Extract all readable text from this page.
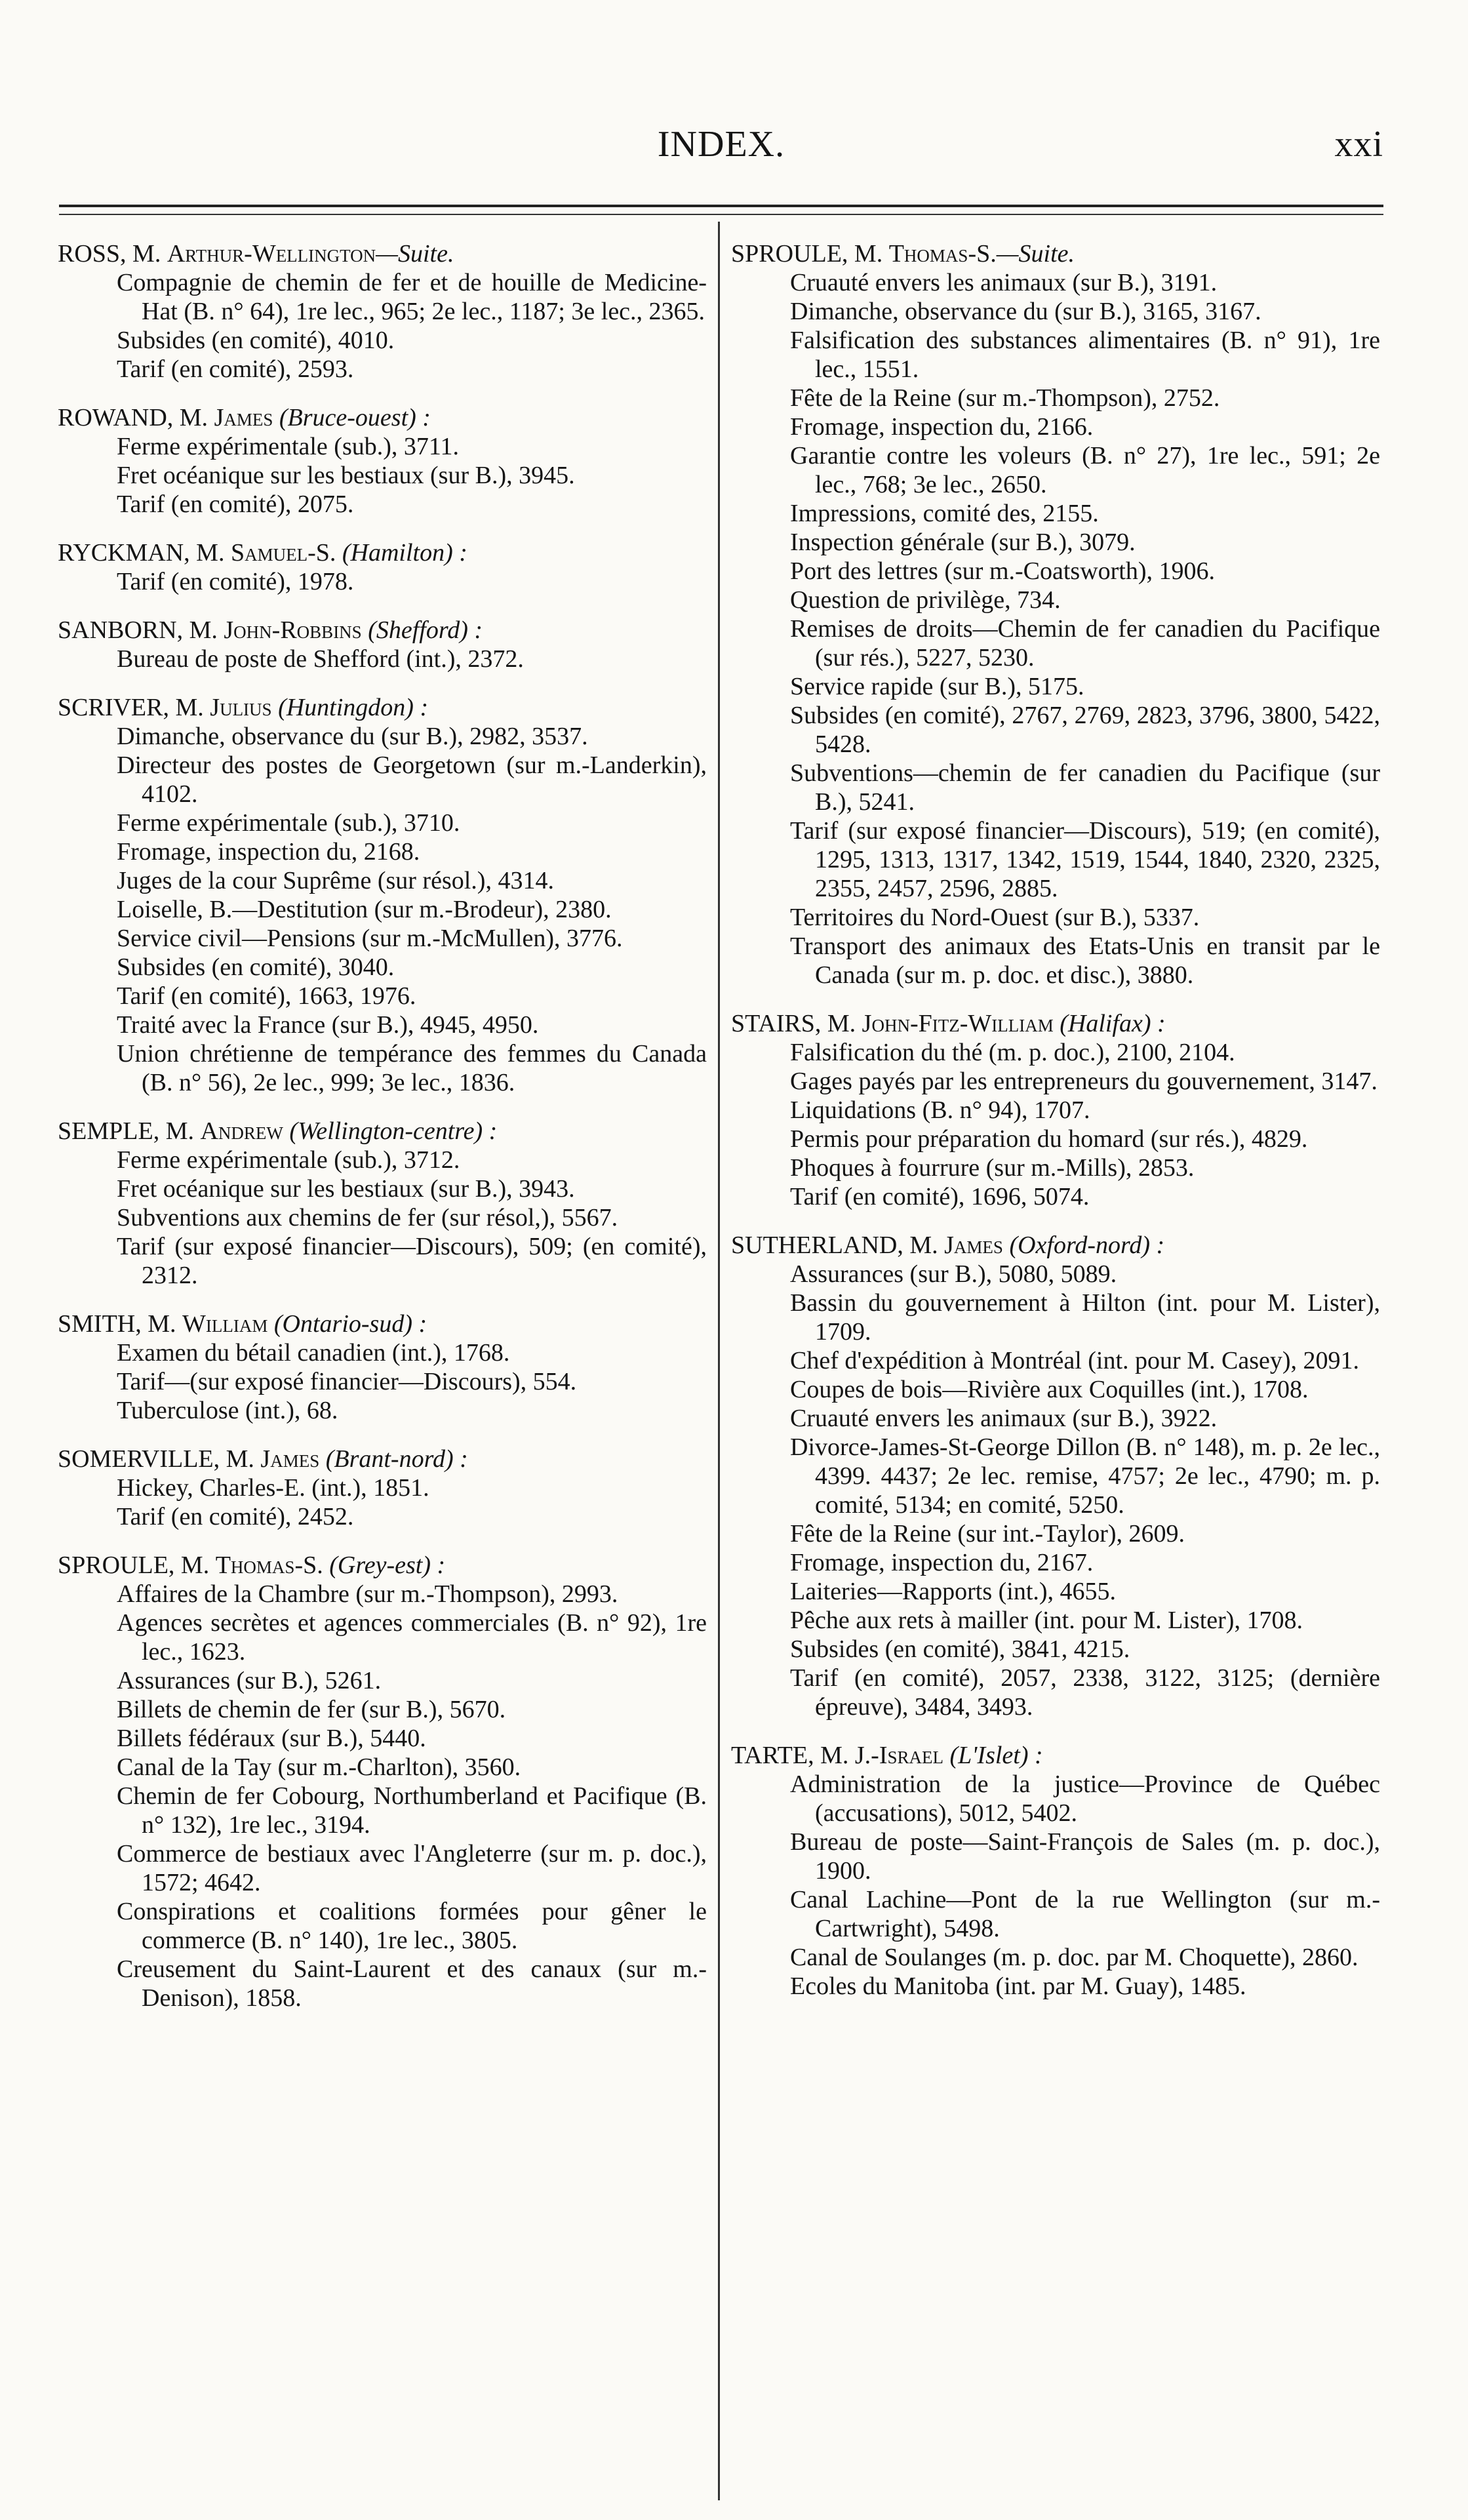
INDEX.	xxi
ROSS, M. Arthur-Wellington—Suite.
Compagnie de chemin de fer et de houille de Medicine-Hat (B. n° 64), 1re lec., 965; 2e lec., 1187; 3e lec., 2365.
Subsides (en comité), 4010.
Tarif (en comité), 2593.
ROWAND, M. James (Bruce-ouest) :
Ferme expérimentale (sub.), 3711.
Fret océanique sur les bestiaux (sur B.), 3945.
Tarif (en comité), 2075.
RYCKMAN, M. Samuel-S. (Hamilton) :
Tarif (en comité), 1978.
SANBORN, M. John-Robbins (Shefford) :
Bureau de poste de Shefford (int.), 2372.
SCRIVER, M. Julius (Huntingdon) :
Dimanche, observance du (sur B.), 2982, 3537.
Directeur des postes de Georgetown (sur m.-Landerkin), 4102.
Ferme expérimentale (sub.), 3710.
Fromage, inspection du, 2168.
Juges de la cour Suprême (sur résol.), 4314.
Loiselle, B.—Destitution (sur m.-Brodeur), 2380.
Service civil—Pensions (sur m.-McMullen), 3776.
Subsides (en comité), 3040.
Tarif (en comité), 1663, 1976.
Traité avec la France (sur B.), 4945, 4950.
Union chrétienne de tempérance des femmes du Canada (B. n° 56), 2e lec., 999; 3e lec., 1836.
SEMPLE, M. Andrew (Wellington-centre) :
Ferme expérimentale (sub.), 3712.
Fret océanique sur les bestiaux (sur B.), 3943.
Subventions aux chemins de fer (sur résol,), 5567.
Tarif (sur exposé financier—Discours), 509; (en comité), 2312.
SMITH, M. William (Ontario-sud) :
Examen du bétail canadien (int.), 1768.
Tarif—(sur exposé financier—Discours), 554.
Tuberculose (int.), 68.
SOMERVILLE, M. James (Brant-nord) :
Hickey, Charles-E. (int.), 1851.
Tarif (en comité), 2452.
SPROULE, M. Thomas-S. (Grey-est) :
Affaires de la Chambre (sur m.-Thompson), 2993.
Agences secrètes et agences commerciales (B. n° 92), 1re lec., 1623.
Assurances (sur B.), 5261.
Billets de chemin de fer (sur B.), 5670.
Billets fédéraux (sur B.), 5440.
Canal de la Tay (sur m.-Charlton), 3560.
Chemin de fer Cobourg, Northumberland et Pacifique (B. n° 132), 1re lec., 3194.
Commerce de bestiaux avec l'Angleterre (sur m. p. doc.), 1572; 4642.
Conspirations et coalitions formées pour gêner le commerce (B. n° 140), 1re lec., 3805.
Creusement du Saint-Laurent et des canaux (sur m.-Denison), 1858.
SPROULE, M. Thomas-S.—Suite.
Cruauté envers les animaux (sur B.), 3191.
Dimanche, observance du (sur B.), 3165, 3167.
Falsification des substances alimentaires (B. n° 91), 1re lec., 1551.
Fête de la Reine (sur m.-Thompson), 2752.
Fromage, inspection du, 2166.
Garantie contre les voleurs (B. n° 27), 1re lec., 591; 2e lec., 768; 3e lec., 2650.
Impressions, comité des, 2155.
Inspection générale (sur B.), 3079.
Port des lettres (sur m.-Coatsworth), 1906.
Question de privilège, 734.
Remises de droits—Chemin de fer canadien du Pacifique (sur rés.), 5227, 5230.
Service rapide (sur B.), 5175.
Subsides (en comité), 2767, 2769, 2823, 3796, 3800, 5422, 5428.
Subventions—chemin de fer canadien du Pacifique (sur B.), 5241.
Tarif (sur exposé financier—Discours), 519; (en comité), 1295, 1313, 1317, 1342, 1519, 1544, 1840, 2320, 2325, 2355, 2457, 2596, 2885.
Territoires du Nord-Ouest (sur B.), 5337.
Transport des animaux des Etats-Unis en transit par le Canada (sur m. p. doc. et disc.), 3880.
STAIRS, M. John-Fitz-William (Halifax) :
Falsification du thé (m. p. doc.), 2100, 2104.
Gages payés par les entrepreneurs du gouvernement, 3147.
Liquidations (B. n° 94), 1707.
Permis pour préparation du homard (sur rés.), 4829.
Phoques à fourrure (sur m.-Mills), 2853.
Tarif (en comité), 1696, 5074.
SUTHERLAND, M. James (Oxford-nord) :
Assurances (sur B.), 5080, 5089.
Bassin du gouvernement à Hilton (int. pour M. Lister), 1709.
Chef d'expédition à Montréal (int. pour M. Casey), 2091.
Coupes de bois—Rivière aux Coquilles (int.), 1708.
Cruauté envers les animaux (sur B.), 3922.
Divorce-James-St-George Dillon (B. n° 148), m. p. 2e lec., 4399. 4437; 2e lec. remise, 4757; 2e lec., 4790; m. p. comité, 5134; en comité, 5250.
Fête de la Reine (sur int.-Taylor), 2609.
Fromage, inspection du, 2167.
Laiteries—Rapports (int.), 4655.
Pêche aux rets à mailler (int. pour M. Lister), 1708.
Subsides (en comité), 3841, 4215.
Tarif (en comité), 2057, 2338, 3122, 3125; (dernière épreuve), 3484, 3493.
TARTE, M. J.-Israel (L'Islet) :
Administration de la justice—Province de Québec (accusations), 5012, 5402.
Bureau de poste—Saint-François de Sales (m. p. doc.), 1900.
Canal Lachine—Pont de la rue Wellington (sur m.-Cartwright), 5498.
Canal de Soulanges (m. p. doc. par M. Choquette), 2860.
Ecoles du Manitoba (int. par M. Guay), 1485.
